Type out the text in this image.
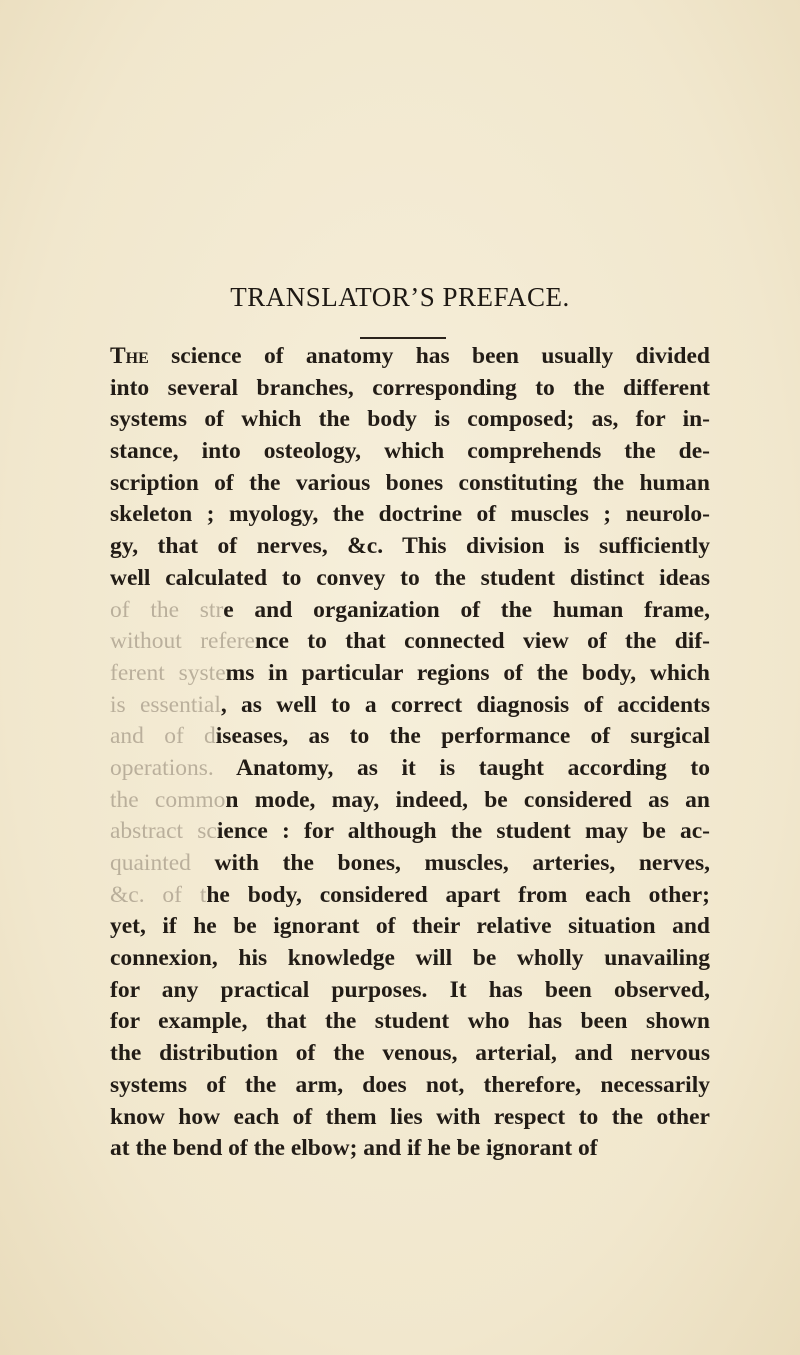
TRANSLATOR’S PREFACE.
The science of anatomy has been usually divided
into several branches, corresponding to the different
systems of which the body is composed; as, for in-
stance, into osteology, which comprehends the de-
scription of the various bones constituting the human
skeleton ; myology, the doctrine of muscles ; neurolo-
gy, that of nerves, &c. This division is sufficiently
well calculated to convey to the student distinct ideas
of the stre and organization of the human frame,
without reference to that connected view of the dif-
ferent systems in particular regions of the body, which
is essential, as well to a correct diagnosis of accidents
and of diseases, as to the performance of surgical
operations. Anatomy, as it is taught according to
the common mode, may, indeed, be considered as an
abstract science : for although the student may be ac-
quainted with the bones, muscles, arteries, nerves,
&c. of the body, considered apart from each other;
yet, if he be ignorant of their relative situation and
connexion, his knowledge will be wholly unavailing
for any practical purposes. It has been observed,
for example, that the student who has been shown
the distribution of the venous, arterial, and nervous
systems of the arm, does not, therefore, necessarily
know how each of them lies with respect to the other
at the bend of the elbow; and if he be ignorant of
